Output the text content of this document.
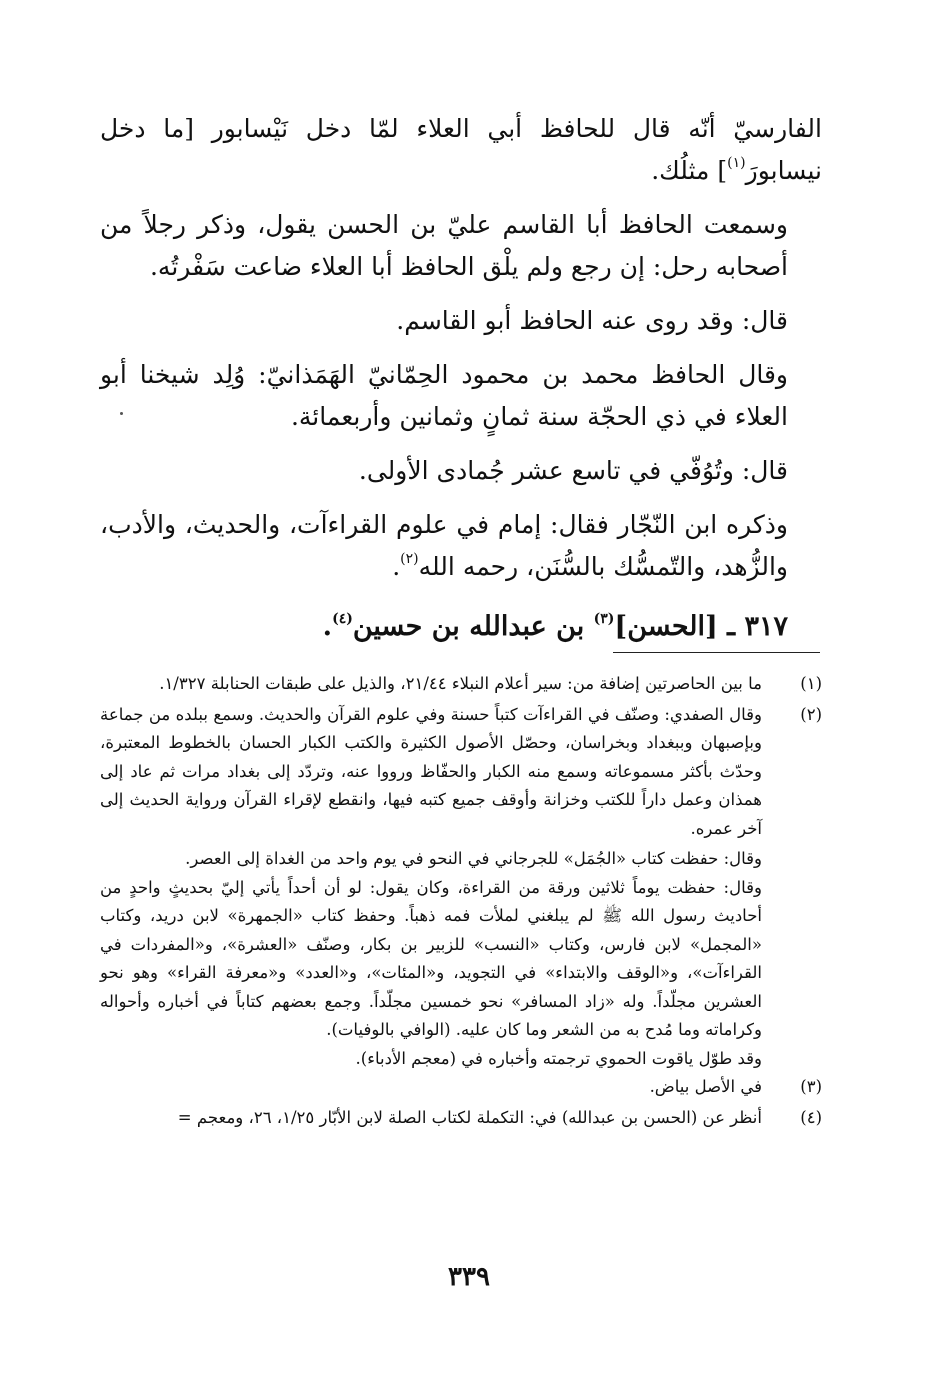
الفارسيّ أنّه قال للحافظ أبي العلاء لمّا دخل نَيْسابور [ما دخل نيسابورَ$^{(١)}$] مثلُك.

وسمعت الحافظ أبا القاسم عليّ بن الحسن يقول، وذكر رجلاً من أصحابه رحل: إن رجع ولم يلْق الحافظ أبا العلاء ضاعت سَفْرتُه.

قال: وقد روى عنه الحافظ أبو القاسم.

وقال الحافظ محمد بن محمود الحِمّانيّ الهَمَذانيّ: وُلِد شيخنا أبو العلاء في ذي الحجّة سنة ثمانٍ وثمانين وأربعمائة.

قال: وتُوُفّي في تاسع عشر جُمادى الأولى.

وذكره ابن النّجّار فقال: إمام في علوم القراءآت، والحديث، والأدب، والزُّهد، والتّمسُّك بالسُّنَن، رحمه الله$^{(٢)}$.

٣١٧ ـ [الحسن]$^{(٣)}$ بن عبدالله بن حسين$^{(٤)}$.

(١)
ما بين الحاصرتين إضافة من: سير أعلام النبلاء ٢١/٤٤، والذيل على طبقات الحنابلة ١/٣٢٧.
(٢)
وقال الصفدي: وصنّف في القراءآت كتباً حسنة وفي علوم القرآن والحديث. وسمع ببلده من جماعة وبإصبهان وببغداد وبخراسان، وحصّل الأصول الكثيرة والكتب الكبار الحسان بالخطوط المعتبرة، وحدّث بأكثر مسموعاته وسمع منه الكبار والحفّاظ ورووا عنه، وتردّد إلى بغداد مرات ثم عاد إلى همذان وعمل داراً للكتب وخزانة وأوقف جميع كتبه فيها، وانقطع لإقراء القرآن ورواية الحديث إلى آخر عمره.

وقال: حفظت كتاب «الجُمَل» للجرجاني في النحو في يوم واحد من الغداة إلى العصر.

وقال: حفظت يوماً ثلاثين ورقة من القراءة، وكان يقول: لو أن أحداً يأتي إليّ بحديثٍ واحدٍ من أحاديث رسول الله ﷺ لم يبلغني لملأت فمه ذهباً. وحفظ كتاب «الجمهرة» لابن دريد، وكتاب «المجمل» لابن فارس، وكتاب «النسب» للزبير بن بكار، وصنّف «العشرة»، و«المفردات في القراءآت»، و«الوقف والابتداء» في التجويد، و«المئات»، و«العدد» و«معرفة القراء» وهو نحو العشرين مجلّداً. وله «زاد المسافر» نحو خمسين مجلّداً. وجمع بعضهم كتاباً في أخباره وأحواله وكراماته وما مُدح به من الشعر وما كان عليه. (الوافي بالوفيات).

وقد طوّل ياقوت الحموي ترجمته وأخباره في (معجم الأدباء).

(٣)
في الأصل بياض.
(٤)
أنظر عن (الحسن بن عبدالله) في: التكملة لكتاب الصلة لابن الأبّار ١/٢٥، ٢٦، ومعجم =
٣٣٩
